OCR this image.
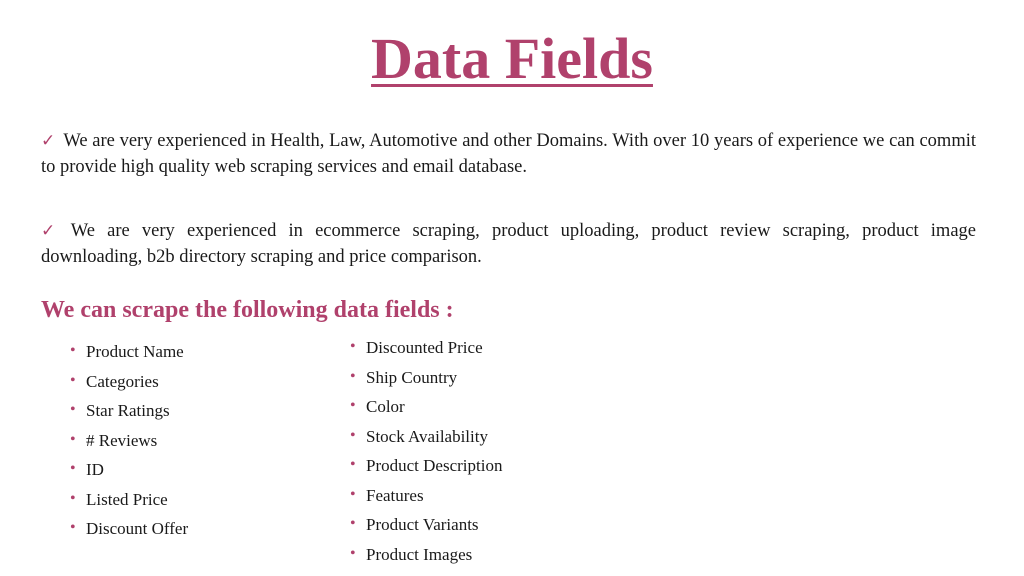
Data Fields
✓ We are very experienced in Health, Law, Automotive and other Domains. With over 10 years of experience we can commit to provide high quality web scraping services and email database.
✓ We are very experienced in ecommerce scraping, product uploading, product review scraping, product image downloading, b2b directory scraping and price comparison.
We can scrape the following data fields :
• Product Name
• Categories
• Star Ratings
• # Reviews
• ID
• Listed Price
• Discount Offer
• Discounted Price
• Ship Country
• Color
• Stock Availability
• Product Description
• Features
• Product Variants
• Product Images
